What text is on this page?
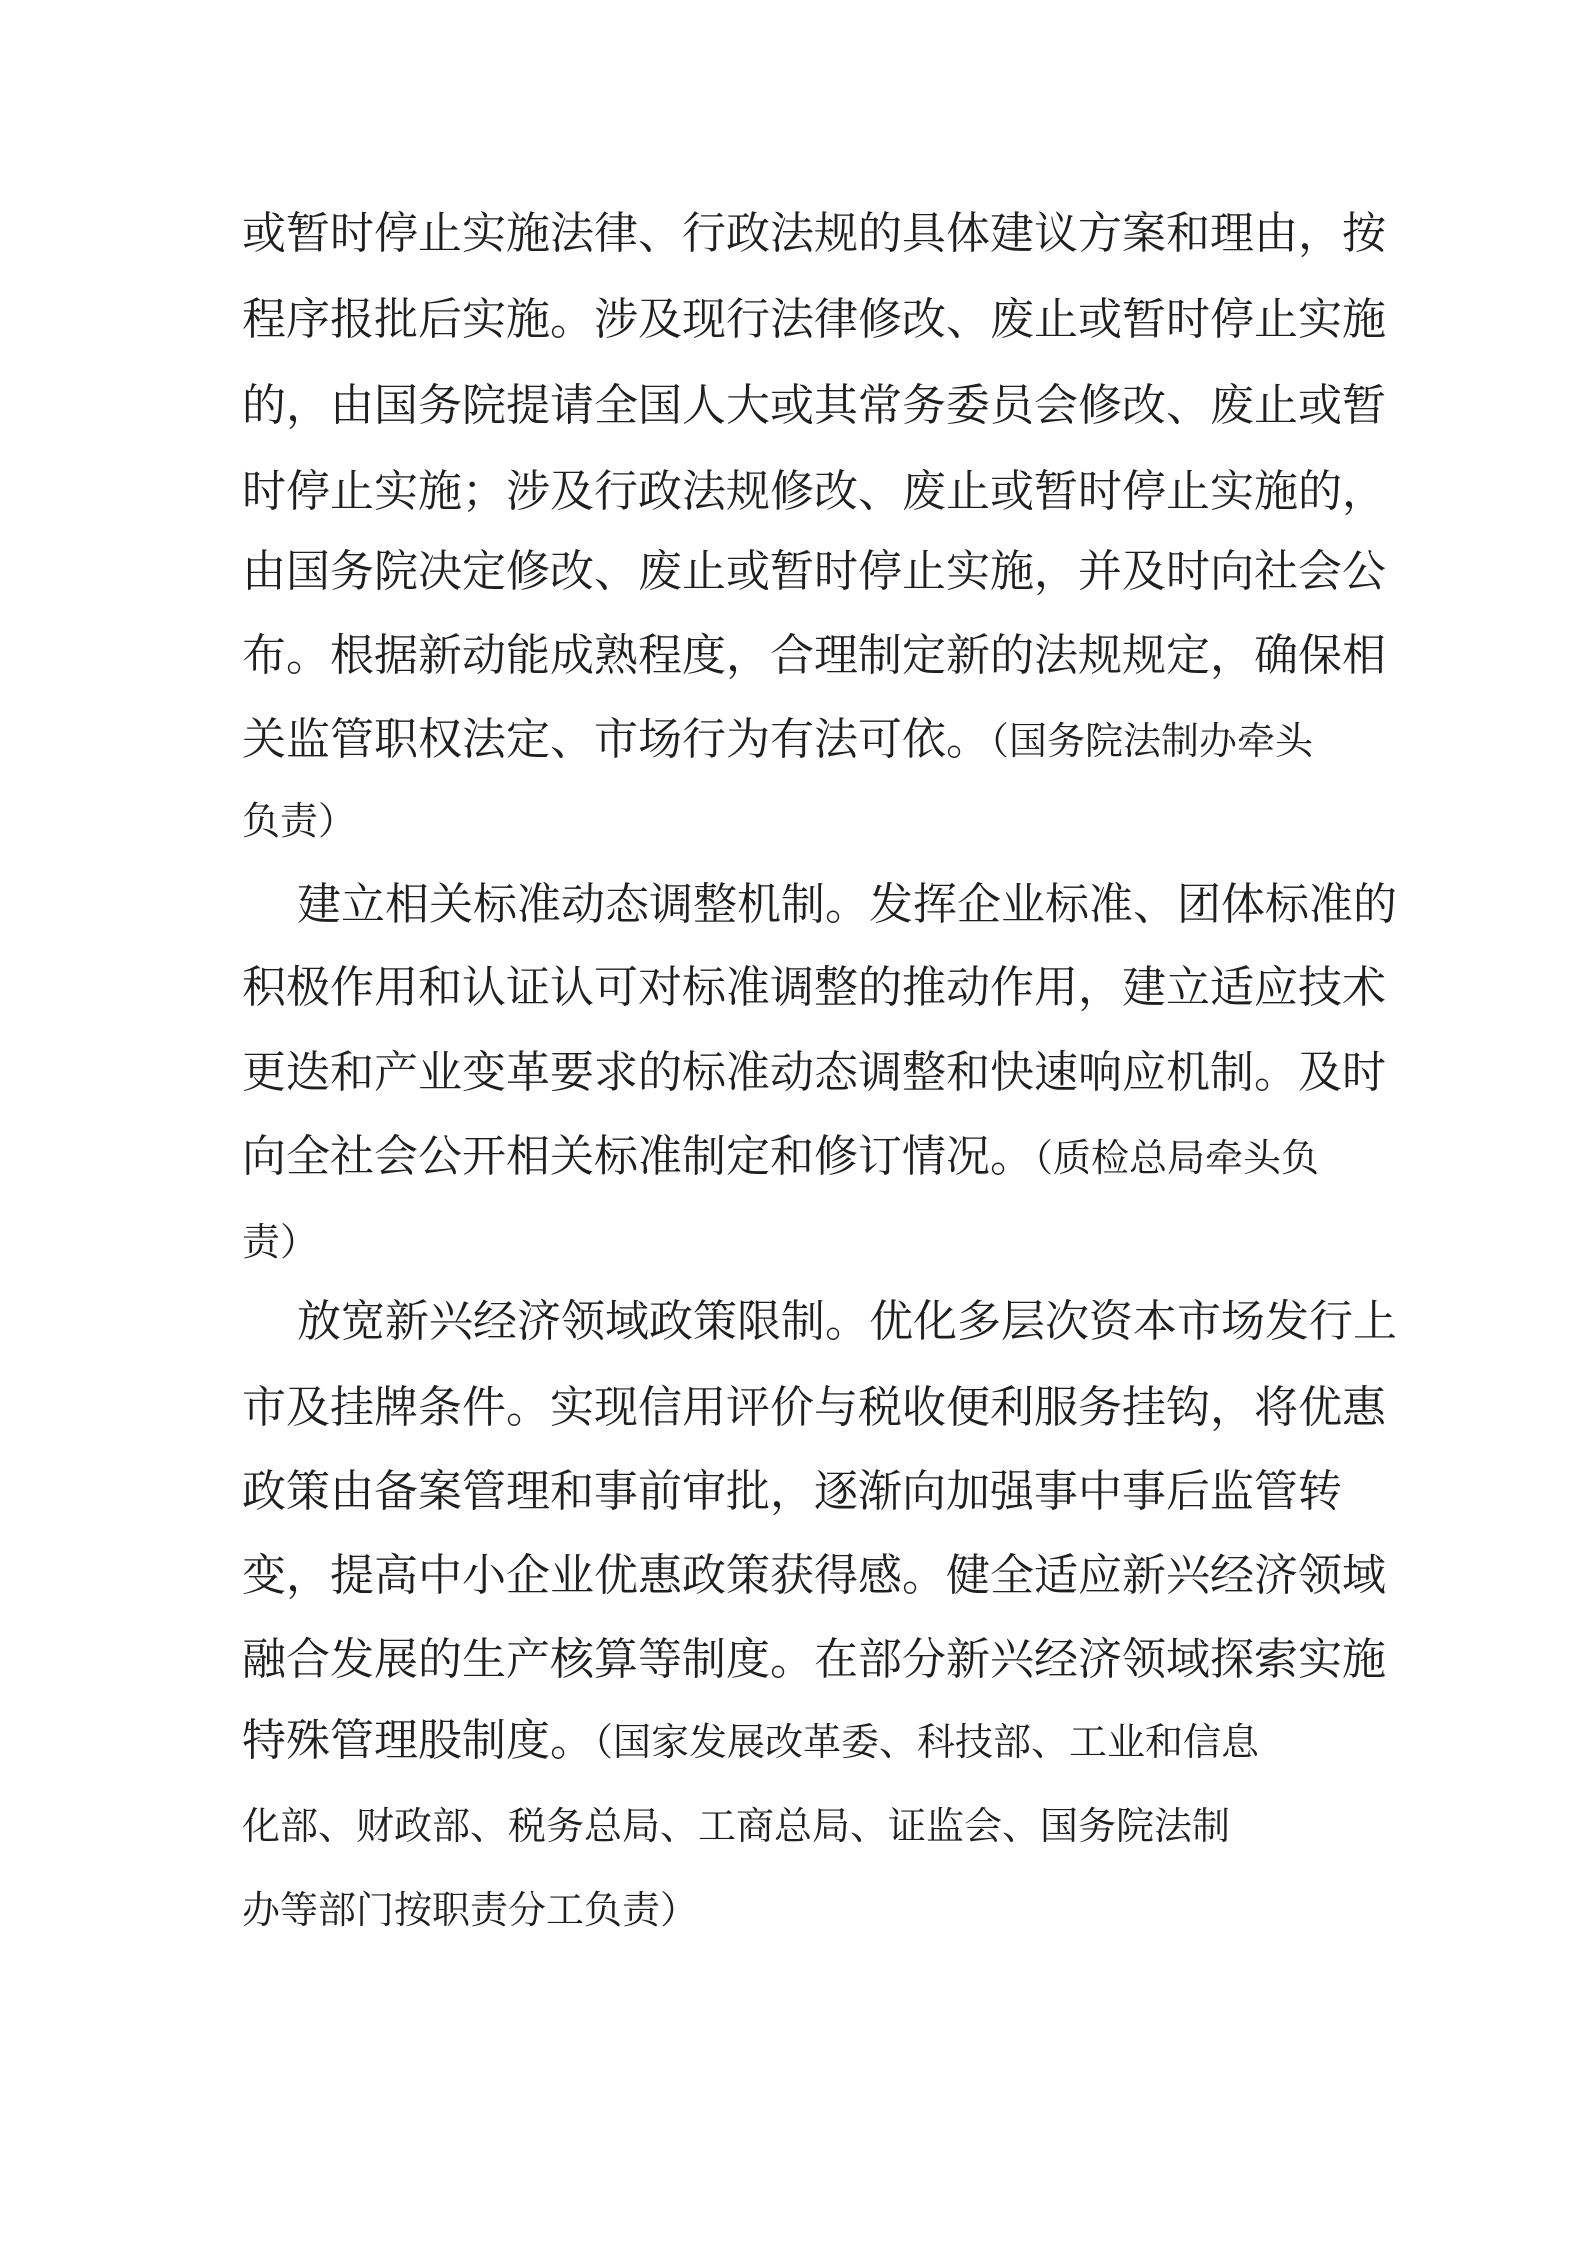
或暂时停止实施法律、行政法规的具体建议方案和理由，按
程序报批后实施。涉及现行法律修改、废止或暂时停止实施
的，由国务院提请全国人大或其常务委员会修改、废止或暂
时停止实施；涉及行政法规修改、废止或暂时停止实施的，
由国务院决定修改、废止或暂时停止实施，并及时向社会公
布。根据新动能成熟程度，合理制定新的法规规定，确保相
关监管职权法定、市场行为有法可依。（国务院法制办牵头
负责）
建立相关标准动态调整机制。发挥企业标准、团体标准的
积极作用和认证认可对标准调整的推动作用，建立适应技术
更迭和产业变革要求的标准动态调整和快速响应机制。及时
向全社会公开相关标准制定和修订情况。（质检总局牵头负
责）
放宽新兴经济领域政策限制。优化多层次资本市场发行上
市及挂牌条件。实现信用评价与税收便利服务挂钩，将优惠
政策由备案管理和事前审批，逐渐向加强事中事后监管转
变，提高中小企业优惠政策获得感。健全适应新兴经济领域
融合发展的生产核算等制度。在部分新兴经济领域探索实施
特殊管理股制度。（国家发展改革委、科技部、工业和信息
化部、财政部、税务总局、工商总局、证监会、国务院法制
办等部门按职责分工负责）
